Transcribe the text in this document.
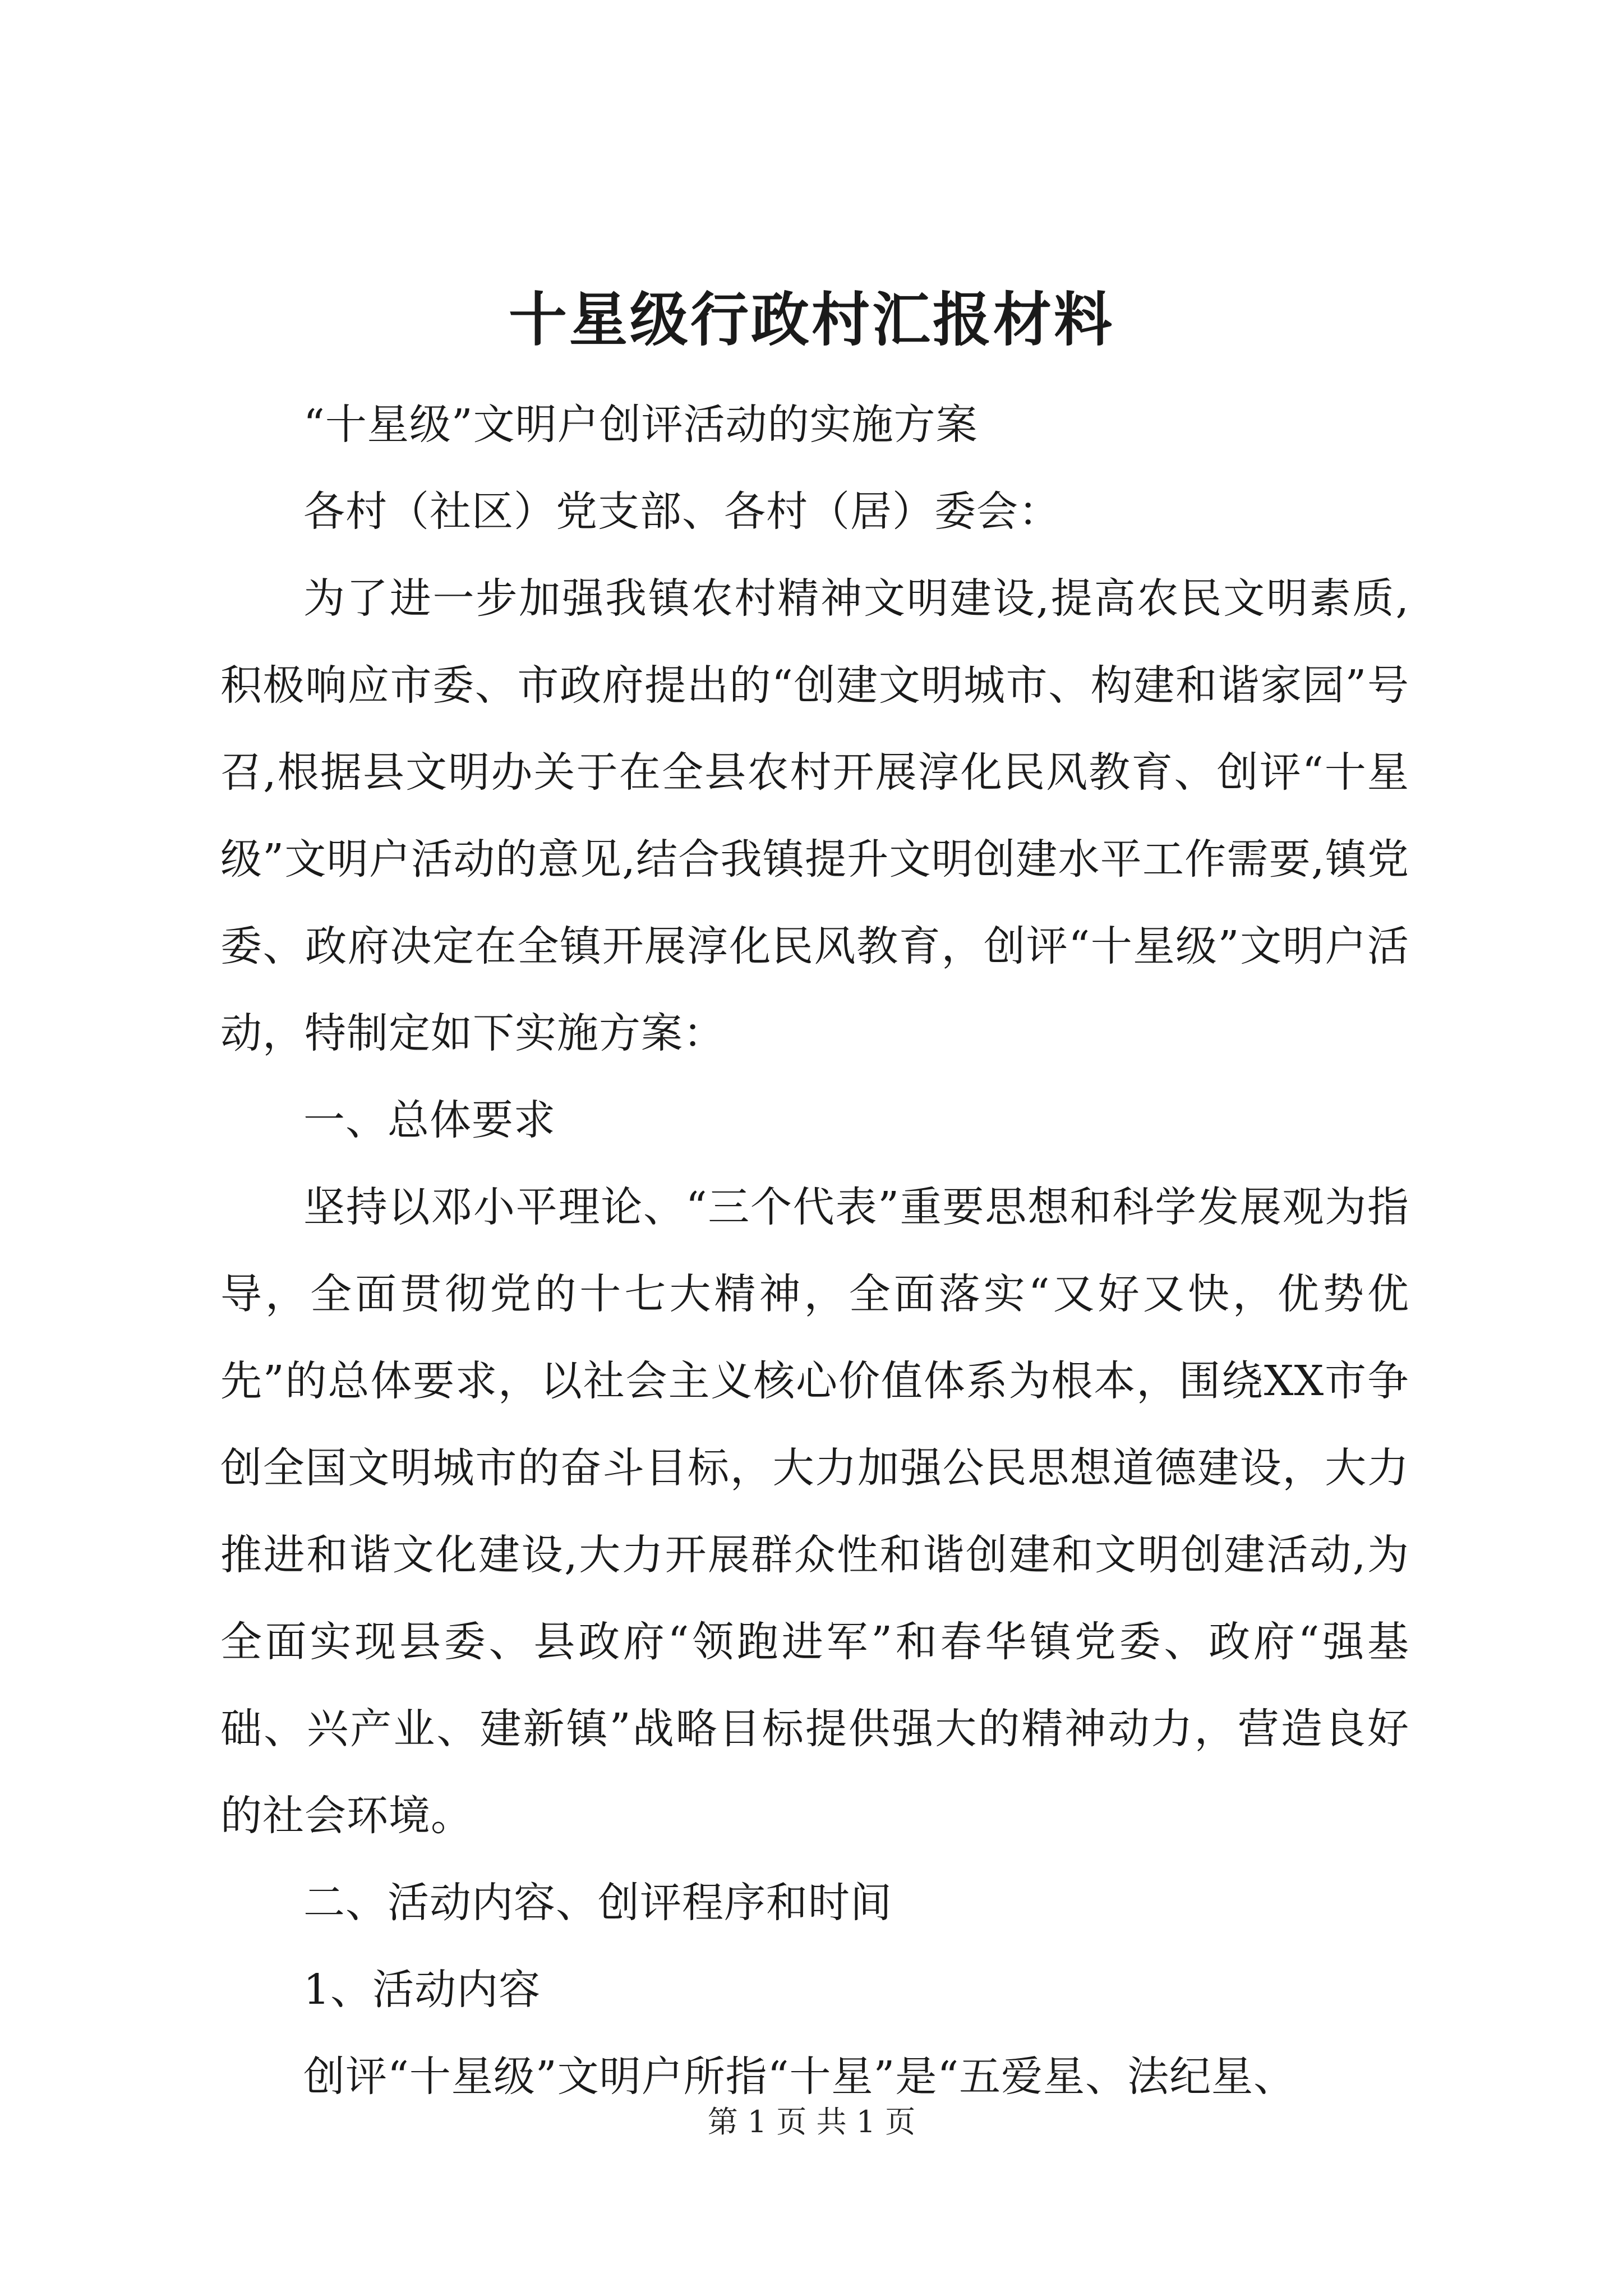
十星级行政村汇报材料

“十星级”文明户创评活动的实施方案

各村（社区）党支部、各村（居）委会：

为了进一步加强我镇农村精神文明建设,提高农民文明素质,积极响应市委、市政府提出的“创建文明城市、构建和谐家园”号召,根据县文明办关于在全县农村开展淳化民风教育、创评“十星级”文明户活动的意见,结合我镇提升文明创建水平工作需要,镇党委、政府决定在全镇开展淳化民风教育，创评“十星级”文明户活动，特制定如下实施方案：

一、总体要求

坚持以邓小平理论、“三个代表”重要思想和科学发展观为指导，全面贯彻党的十七大精神，全面落实“又好又快，优势优先”的总体要求，以社会主义核心价值体系为根本，围绕XX市争创全国文明城市的奋斗目标，大力加强公民思想道德建设，大力推进和谐文化建设,大力开展群众性和谐创建和文明创建活动,为全面实现县委、县政府“领跑进军”和春华镇党委、政府“强基础、兴产业、建新镇”战略目标提供强大的精神动力，营造良好的社会环境。

二、活动内容、创评程序和时间

1、活动内容

创评“十星级”文明户所指“十星”是“五爱星、法纪星、

第 1 页 共 1 页
